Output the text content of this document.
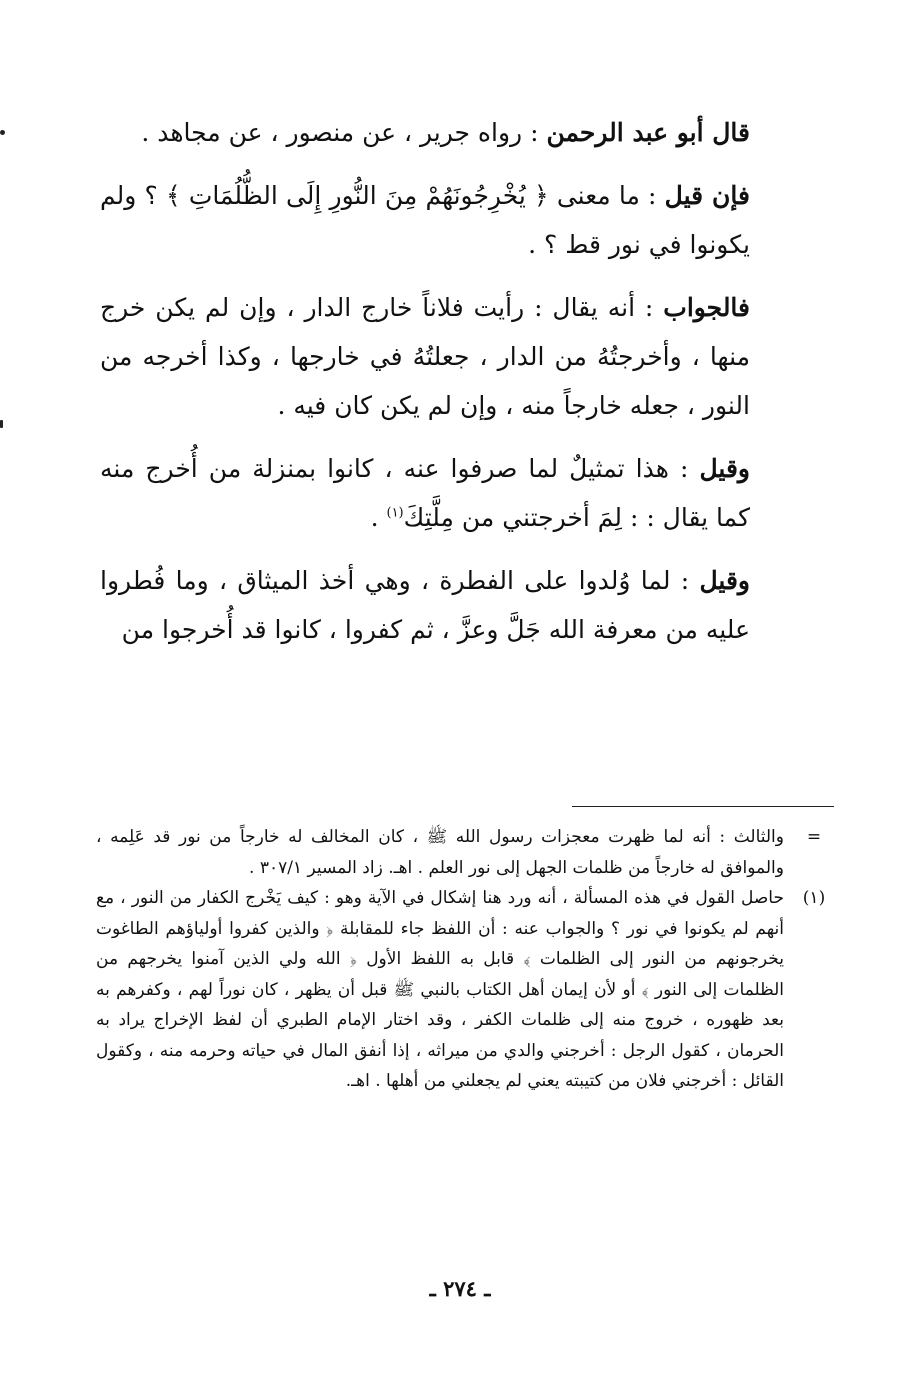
قال أبو عبد الرحمن : رواه جرير ، عن منصور ، عن مجاهد .

فإن قيل : ما معنى ﴿ يُخْرِجُونَهُمْ مِنَ النُّورِ إِلَى الظُّلُمَاتِ ﴾ ؟ ولم يكونوا في نور قط ؟ .

فالجواب : أنه يقال : رأيت فلاناً خارج الدار ، وإن لم يكن خرج منها ، وأخرجتُهُ من الدار ، جعلتُهُ في خارجها ، وكذا أخرجه من النور ، جعله خارجاً منه ، وإن لم يكن كان فيه .

وقيل : هذا تمثيلٌ لما صرفوا عنه ، كانوا بمنزلة من أُخرج منه كما يقال : : لِمَ أخرجتني من مِلَّتِكَ$^{(١)}$ .

وقيل : لما وُلدوا على الفطرة ، وهي أخذ الميثاق ، وما فُطروا عليه من معرفة الله جَلَّ وعزَّ ، ثم كفروا ، كانوا قد أُخرجوا من

=
والثالث : أنه لما ظهرت معجزات رسول الله ﷺ ، كان المخالف له خارجاً من نور قد عَلِمه ، والموافق له خارجاً من ظلمات الجهل إلى نور العلم . اهـ. زاد المسير ٣٠٧/١ .

(١)
حاصل القول في هذه المسألة ، أنه ورد هنا إشكال في الآية وهو : كيف يَخْرج الكفار من النور ، مع أنهم لم يكونوا في نور ؟ والجواب عنه : أن اللفظ جاء للمقابلة ﴿ والذين كفروا أولياؤهم الطاغوت يخرجونهم من النور إلى الظلمات ﴾ قابل به اللفظ الأول ﴿ الله ولي الذين آمنوا يخرجهم من الظلمات إلى النور ﴾ أو لأن إيمان أهل الكتاب بالنبي ﷺ قبل أن يظهر ، كان نوراً لهم ، وكفرهم به بعد ظهوره ، خروج منه إلى ظلمات الكفر ، وقد اختار الإمام الطبري أن لفظ الإخراج يراد به الحرمان ، كقول الرجل : أخرجني والدي من ميراثه ، إذا أنفق المال في حياته وحرمه منه ، وكقول القائل : أخرجني فلان من كتيبته يعني لم يجعلني من أهلها . اهـ.

ـ ٢٧٤ ـ
